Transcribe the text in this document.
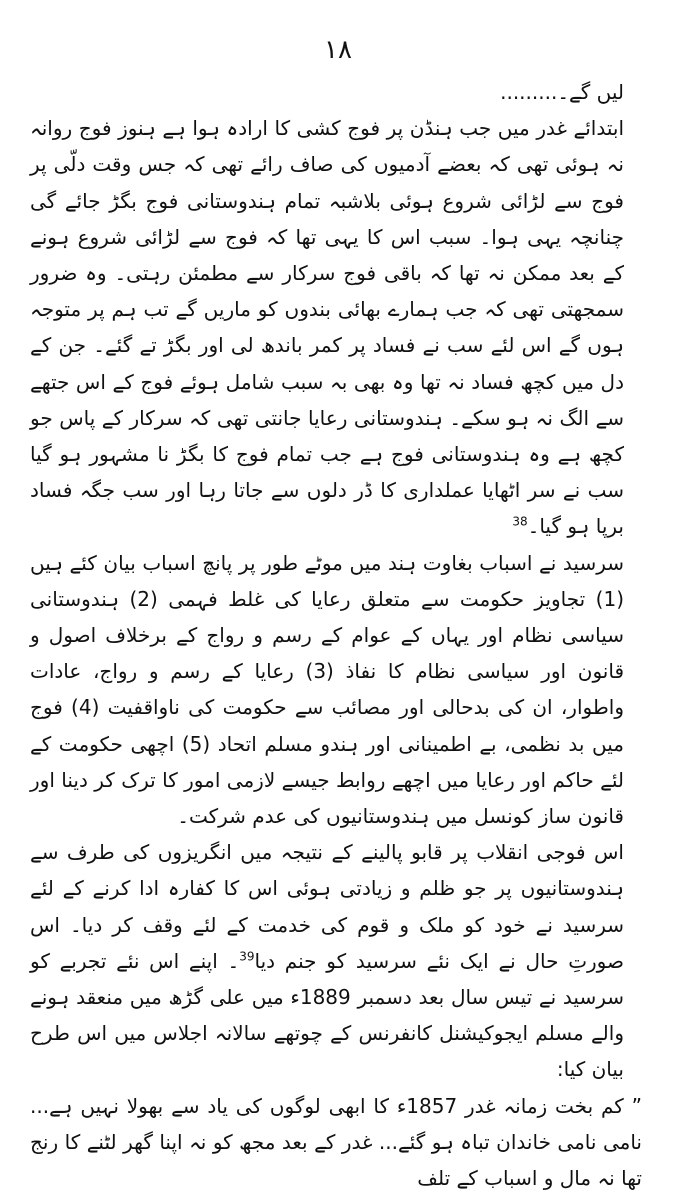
۱۸

لیں گے۔.........

ابتدائے غدر میں جب ہنڈن پر فوج کشی کا ارادہ ہوا ہے ہنوز فوج روانہ نہ ہوئی تھی کہ بعضے آدمیوں کی صاف رائے تھی کہ جس وقت دلّی پر فوج سے لڑائی شروع ہوئی بلاشبہ تمام ہندوستانی فوج بگڑ جائے گی چنانچہ یہی ہوا۔ سبب اس کا یہی تھا کہ فوج سے لڑائی شروع ہونے کے بعد ممکن نہ تھا کہ باقی فوج سرکار سے مطمئن رہتی۔ وہ ضرور سمجھتی تھی کہ جب ہمارے بھائی بندوں کو ماریں گے تب ہم پر متوجہ ہوں گے اس لئے سب نے فساد پر کمر باندھ لی اور بگڑ تے گئے۔ جن کے دل میں کچھ فساد نہ تھا وہ بھی بہ سبب شامل ہوئے فوج کے اس جتھے سے الگ نہ ہو سکے۔ ہندوستانی رعایا جانتی تھی کہ سرکار کے پاس جو کچھ ہے وہ ہندوستانی فوج ہے جب تمام فوج کا بگڑ نا مشہور ہو گیا سب نے سر اٹھایا عملداری کا ڈر دلوں سے جاتا رہا اور سب جگہ فساد برپا ہو گیا۔$^{38}$

سرسید نے اسباب بغاوت ہند میں موٹے طور پر پانچ اسباب بیان کئے ہیں (1) تجاویز حکومت سے متعلق رعایا کی غلط فہمی (2) ہندوستانی سیاسی نظام اور یہاں کے عوام کے رسم و رواج کے برخلاف اصول و قانون اور سیاسی نظام کا نفاذ (3) رعایا کے رسم و رواج، عادات واطوار، ان کی بدحالی اور مصائب سے حکومت کی ناواقفیت (4) فوج میں بد نظمی، بے اطمینانی اور ہندو مسلم اتحاد (5) اچھی حکومت کے لئے حاکم اور رعایا میں اچھے روابط جیسے لازمی امور کا ترک کر دینا اور قانون ساز کونسل میں ہندوستانیوں کی عدم شرکت۔

اس فوجی انقلاب پر قابو پالینے کے نتیجہ میں انگریزوں کی طرف سے ہندوستانیوں پر جو ظلم و زیادتی ہوئی اس کا کفارہ ادا کرنے کے لئے سرسید نے خود کو ملک و قوم کی خدمت کے لئے وقف کر دیا۔ اس صورتِ حال نے ایک نئے سرسید کو جنم دیا$^{39}$۔ اپنے اس نئے تجربے کو سرسید نے تیس سال بعد دسمبر 1889ء میں علی گڑھ میں منعقد ہونے والے مسلم ایجوکیشنل کانفرنس کے چوتھے سالانہ اجلاس میں اس طرح بیان کیا:

” کم بخت زمانہ غدر 1857ء کا ابھی لوگوں کی یاد سے بھولا نہیں ہے... نامی نامی خاندان تباہ ہو گئے... غدر کے بعد مجھ کو نہ اپنا گھر لٹنے کا رنج تھا نہ مال و اسباب کے تلف
